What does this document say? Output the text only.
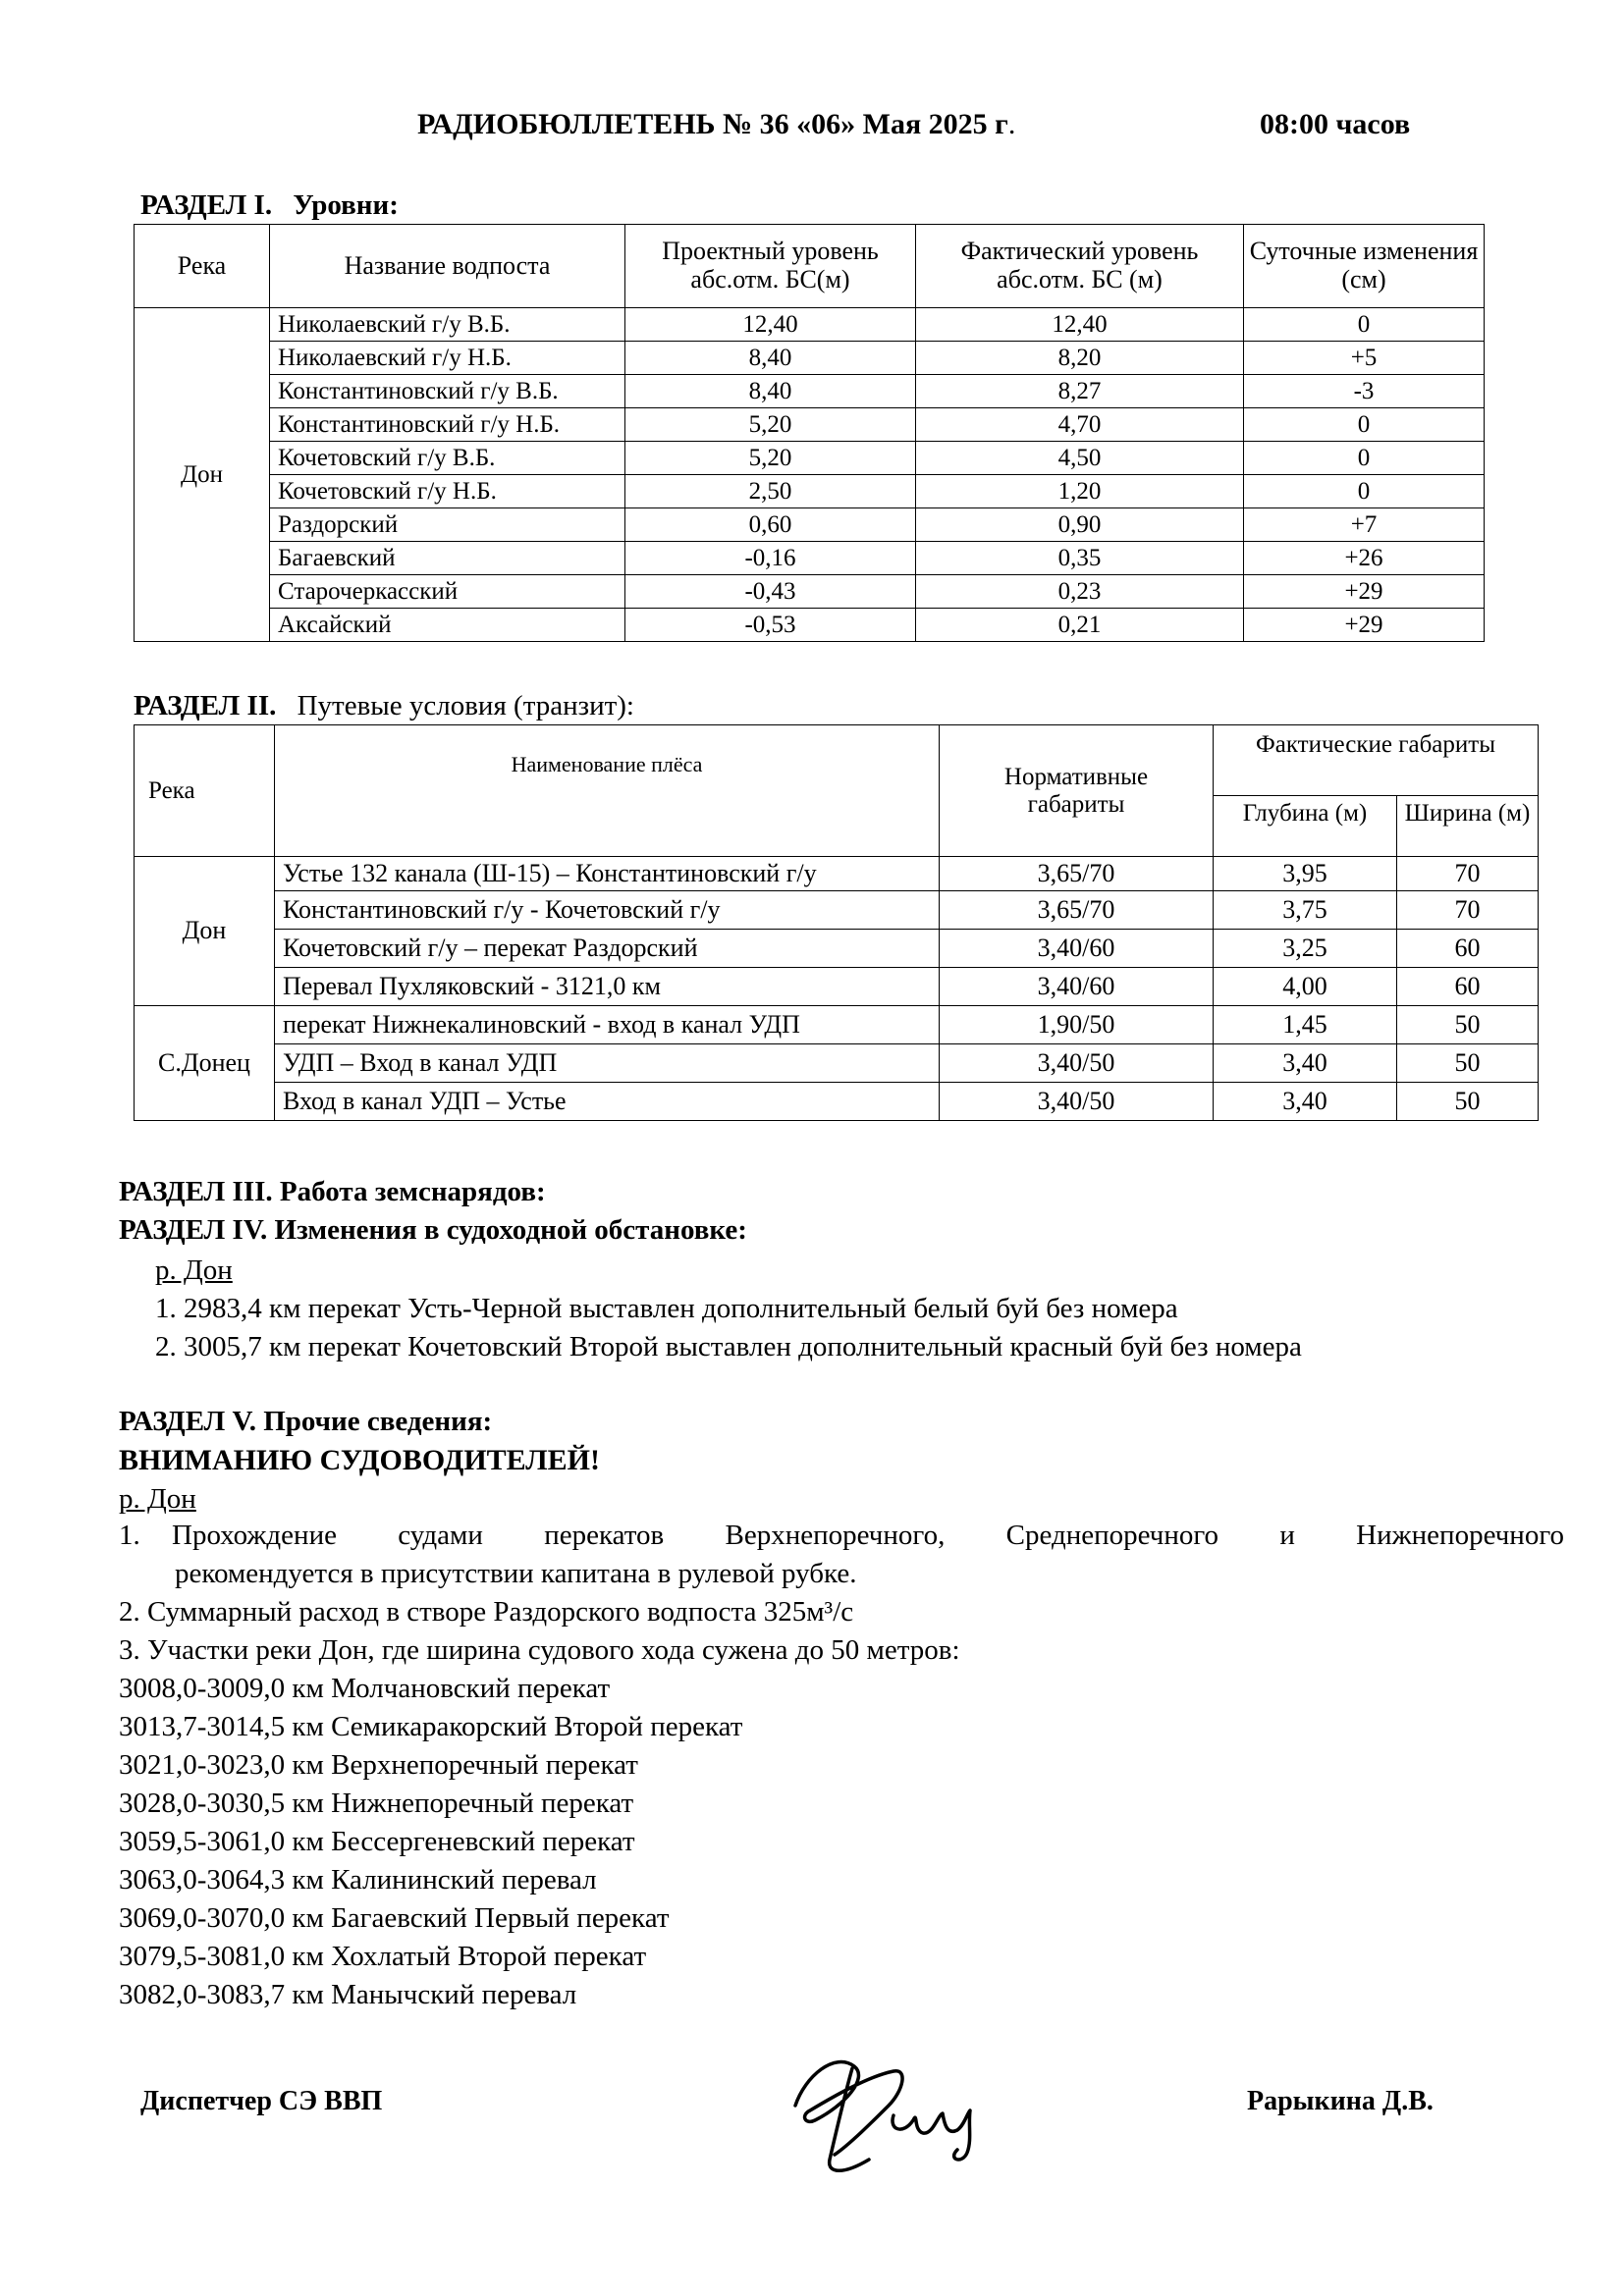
РАДИОБЮЛЛЕТЕНЬ № 36 «06» Мая 2025 г.	08:00 часов
РАЗДЕЛ I. Уровни:
Река	Название водпоста	Проектный уровень абс.отм. БС(м)	Фактический уровень абс.отм. БС (м)	Суточные изменения (см)
Дон	Николаевский г/у В.Б.	12,40	12,40	0
	Николаевский г/у Н.Б.	8,40	8,20	+5
	Константиновский г/у В.Б.	8,40	8,27	-3
	Константиновский г/у Н.Б.	5,20	4,70	0
	Кочетовский г/у В.Б.	5,20	4,50	0
	Кочетовский г/у Н.Б.	2,50	1,20	0
	Раздорский	0,60	0,90	+7
	Багаевский	-0,16	0,35	+26
	Старочеркасский	-0,43	0,23	+29
	Аксайский	-0,53	0,21	+29
РАЗДЕЛ II. Путевые условия (транзит):
Река	Наименование плёса	Нормативные габариты	Фактические габариты	
			Глубина (м)	Ширина (м)
Дон	Устье 132 канала (Ш-15) – Константиновский г/у	3,65/70	3,95	70
	Константиновский г/у - Кочетовский г/у	3,65/70	3,75	70
	Кочетовский г/у – перекат Раздорский	3,40/60	3,25	60
	Перевал Пухляковский - 3121,0 км	3,40/60	4,00	60
С.Донец	перекат Нижнекалиновский - вход в канал УДП	1,90/50	1,45	50
	УДП – Вход в канал УДП	3,40/50	3,40	50
	Вход в канал УДП – Устье	3,40/50	3,40	50
РАЗДЕЛ III. Работа земснарядов:
РАЗДЕЛ IV. Изменения в судоходной обстановке:
р. Дон
1. 2983,4 км перекат Усть-Черной выставлен дополнительный белый буй без номера
2. 3005,7 км перекат Кочетовский Второй выставлен дополнительный красный буй без номера
РАЗДЕЛ V. Прочие сведения:
ВНИМАНИЮ СУДОВОДИТЕЛЕЙ!
р. Дон
1. Прохождение судами перекатов Верхнепоречного, Среднепоречного и Нижнепоречного
рекомендуется в присутствии капитана в рулевой рубке.
2. Суммарный расход в створе Раздорского водпоста 325м³/с
3. Участки реки Дон, где ширина судового хода сужена до 50 метров:
3008,0-3009,0 км Молчановский перекат
3013,7-3014,5 км Семикаракорский Второй перекат
3021,0-3023,0 км Верхнепоречный перекат
3028,0-3030,5 км Нижнепоречный перекат
3059,5-3061,0 км Бессергеневский перекат
3063,0-3064,3 км Калининский перевал
3069,0-3070,0 км Багаевский Первый перекат
3079,5-3081,0 км Хохлатый Второй перекат
3082,0-3083,7 км Манычский перевал
Диспетчер СЭ ВВП	Рарыкина Д.В.
